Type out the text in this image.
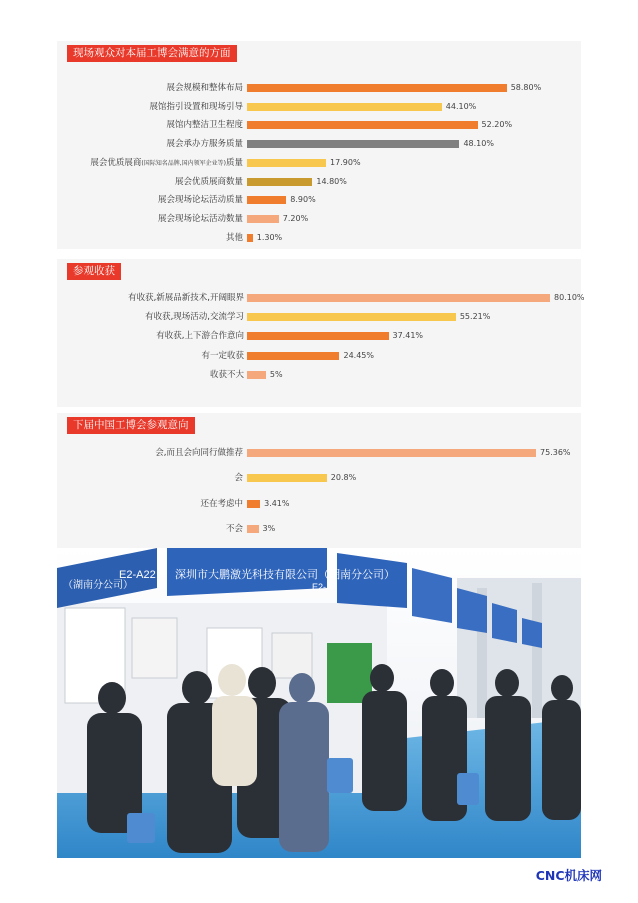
现场观众对本届工博会满意的方面
展会规模和整体布局	58.80%
展馆指引设置和现场引导	44.10%
展馆内整洁卫生程度	52.20%
展会承办方服务质量	48.10%
展会优质展商(国际知名品牌,国内领军企业等)质量	17.90%
展会优质展商数量	14.80%
展会现场论坛活动质量	8.90%
展会现场论坛活动数量	7.20%
其他 1.30%
参观收获
有收获,新展品新技术,开阔眼界	80.10%
有收获,现场活动,交流学习	55.21%
有收获,上下游合作意向	37.41%
有一定收获	24.45%
收获不大	5%
下届中国工博会参观意向
会,而且会向同行做推荐	75.36%
会	20.8%
还在考虑中	3.41%
不会 3%
（湖南分公司）
E2-A22 深圳市大鹏激光科技有限公司（湖南分公司）
E2-A
CNC机床网
